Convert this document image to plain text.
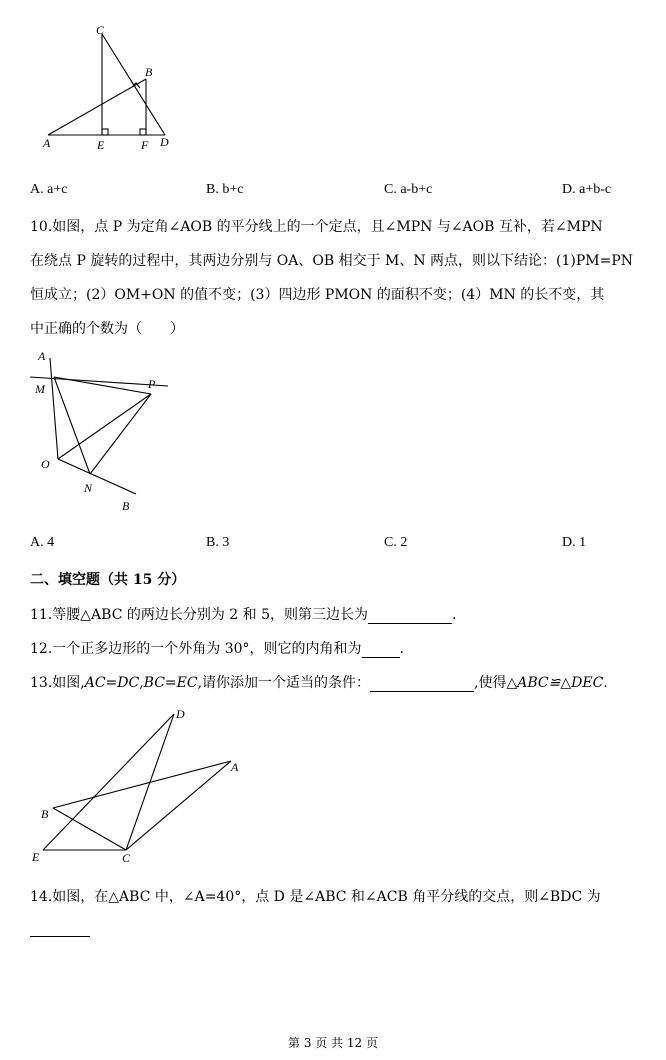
C
B
A	E	F D
A. a+c	B. b+c	C. a-b+c	D. a+b-c
10.如图，点 P 为定角∠AOB 的平分线上的一个定点，且∠MPN 与∠AOB 互补，若∠MPN
在绕点 P 旋转的过程中，其两边分别与 OA、OB 相交于 M、N 两点，则以下结论：(1)PM=PN
恒成立；(2）OM+ON 的值不变；(3）四边形 PMON 的面积不变；(4）MN 的长不变，其
中正确的个数为（　　）
A
M	P
O
N
B
A. 4	B. 3	C. 2	D. 1
二、填空题（共 15 分）
11.等腰△ABC 的两边长分别为 2 和 5，则第三边长为	.
12.一个正多边形的一个外角为 30°，则它的内角和为	.
13.如图,AC=DC,BC=EC,请你添加一个适当的条件：	,使得△ABC≌△DEC.
D
A
B
E	C
14.如图，在△ABC 中，∠A=40°，点 D 是∠ABC 和∠ACB 角平分线的交点，则∠BDC 为
第 3 页 共 12 页
